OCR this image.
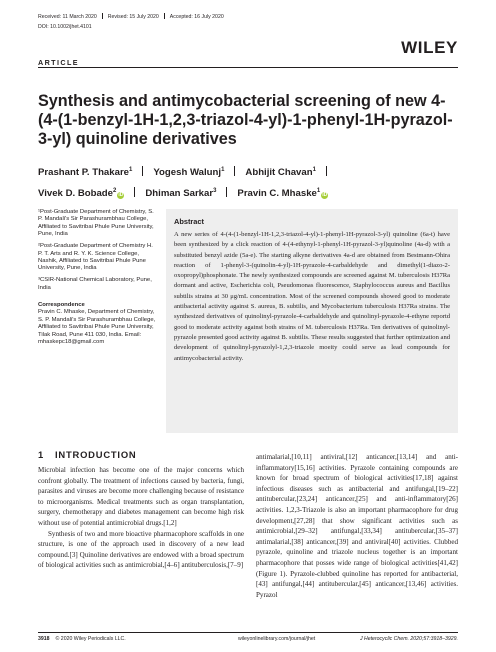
Received: 11 March 2020 Revised: 15 July 2020 Accepted: 16 July 2020
DOI: 10.1002/jhet.4101
WILEY
ARTICLE
Synthesis and antimycobacterial screening of new 4-(4-(1-benzyl-1H-1,2,3-triazol-4-yl)-1-phenyl-1H-pyrazol-3-yl) quinoline derivatives
Prashant P. Thakare$^1$ Yogesh Walunj$^1$ Abhijit Chavan$^1$
Vivek D. Bobade$^2$iD Dhiman Sarkar$^3$ Pravin C. Mhaske$^1$iD

¹Post-Graduate Department of Chemistry, S. P. Mandali's Sir Parashurambhau College, Affiliated to Savitribai Phule Pune University, Pune, India

²Post-Graduate Department of Chemistry H. P. T. Arts and R. Y. K. Science College, Nashik, Affiliated to Savitribai Phule Pune University, Pune, India

³CSIR-National Chemical Laboratory, Pune, India

Correspondence

Pravin C. Mhaske, Department of Chemistry, S. P. Mandali's Sir Parashurambhau College, Affiliated to Savitribai Phule Pune University, Tilak Road, Pune 411 030, India. Email: mhaskepc18@gmail.com

Abstract
A new series of 4-(4-(1-benzyl-1H-1,2,3-triazol-4-yl)-1-phenyl-1H-pyrazol-3-yl) quinoline (6a-t) have been synthesized by a click reaction of 4-(4-ethynyl-1-phenyl-1H-pyrazol-3-yl)quinoline (4a-d) with a substituted benzyl azide (5a-e). The starting alkyne derivatives 4a-d are obtained from Bestmann-Ohira reaction of 1-phenyl-3-(quinolin-4-yl)-1H-pyrazole-4-carbaldehyde and dimethyl(1-diazo-2-oxopropyl)phosphonate. The newly synthesized compounds are screened against M. tuberculosis H37Ra dormant and active, Escherichia coli, Pseudomonas fluorescence, Staphylococcus aureus and Bacillus subtilis strains at 30 μg/mL concentration. Most of the screened compounds showed good to moderate antibacterial activity against S. aureus, B. subtilis, and Mycobacterium tuberculosis H37Ra strains. The synthesized derivatives of quinolinyl-pyrazole-4-carbaldehyde and quinolinyl-pyrazole-4-ethyne reportd good to moderate activity against both strains of M. tuberculosis H37Ra. Ten derivatives of quinolinyl-pyrazole presented good activity against B. subtilis. These results suggested that further optimization and development of quinolinyl-pyrazolyl-1,2,3-triazole moeity could serve as lead compounds for antimycobacterial activity.
1 INTRODUCTION

Microbial infection has become one of the major concerns which confront globally. The treatment of infections caused by bacteria, fungi, parasites and viruses are become more challenging because of resistance to microorganisms. Medical treatments such as organ transplantation, surgery, chemotherapy and diabetes management can become high risk without use of potential antimicrobial drugs.[1,2]

Synthesis of two and more bioactive pharmacophore scaffolds in one structure, is one of the approach used in discovery of a new lead compound.[3] Quinoline derivatives are endowed with a broad spectrum of biological activities such as antimicrobial,[4–6] antituberculosis,[7–9]

antimalarial,[10,11] antiviral,[12] anticancer,[13,14] and anti-inflammatory[15,16] activities. Pyrazole containing compounds are known for broad spectrum of biological activities[17,18] against infectious diseases such as antibacterial and antifungal,[19–22] antitubercular,[23,24] anticancer,[25] and anti-inflammatory[26] activities. 1,2,3-Triazole is also an important pharmacophore for drug development,[27,28] that show significant activities such as antimicrobial,[29–32] antifungal,[33,34] antitubercular,[35–37] antimalarial,[38] anticancer,[39] and antiviral[40] activities. Clubbed pyrazole, quinoline and triazole nucleus together is an important pharmacophore that posses wide range of biological activities[41,42] (Figure 1). Pyrazole-clubbed quinoline has reported for antibacterial,[43] antifungal,[44] antitubercular,[45] anticancer,[13,46] activities. Pyrazol

3918 © 2020 Wiley Periodicals LLC.	wileyonlinelibrary.com/journal/jhet	J Heterocyclic Chem. 2020;57:3918–3929.
